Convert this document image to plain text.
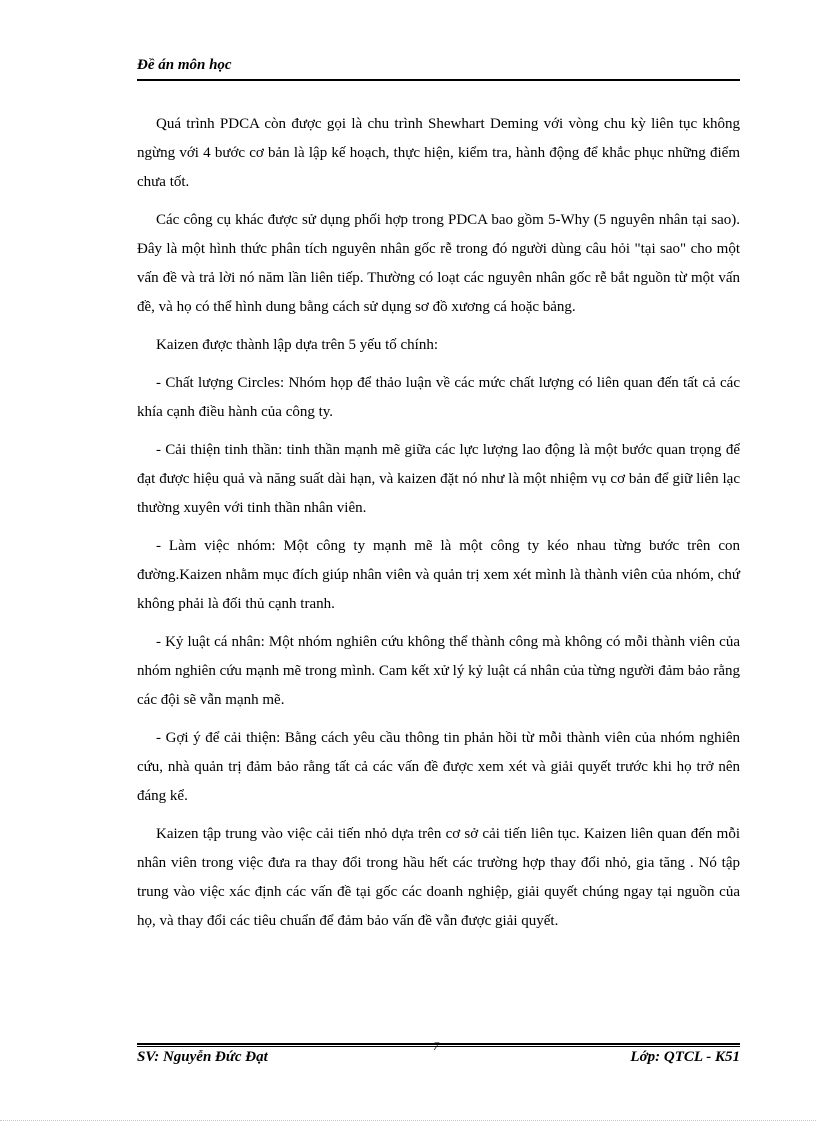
Đề án môn học

Quá trình PDCA còn được gọi là chu trình Shewhart Deming với vòng chu kỳ liên tục không ngừng với 4 bước cơ bản là lập kế hoạch, thực hiện, kiểm tra, hành động để khắc phục những điểm chưa tốt.

Các công cụ khác được sử dụng phối hợp trong PDCA bao gồm 5-Why (5 nguyên nhân tại sao). Đây là một hình thức phân tích nguyên nhân gốc rễ trong đó người dùng câu hỏi "tại sao" cho một vấn đề và trả lời nó năm lần liên tiếp. Thường có loạt các nguyên nhân gốc rễ bắt nguồn từ một vấn đề, và họ có thể hình dung bằng cách sử dụng sơ đồ xương cá hoặc bảng.

Kaizen được thành lập dựa trên 5 yếu tố chính:

- Chất lượng Circles: Nhóm họp để thảo luận về các mức chất lượng có liên quan đến tất cả các khía cạnh điều hành của công ty.

- Cải thiện tinh thần: tinh thần mạnh mẽ giữa các lực lượng lao động là một bước quan trọng để đạt được hiệu quả và năng suất dài hạn, và kaizen đặt nó như là một nhiệm vụ cơ bản để giữ liên lạc thường xuyên với tinh thần nhân viên.

- Làm việc nhóm: Một công ty mạnh mẽ là một công ty kéo nhau từng bước trên con đường.Kaizen nhằm mục đích giúp nhân viên và quản trị xem xét mình là thành viên của nhóm, chứ không phải là đối thủ cạnh tranh.

- Kỷ luật cá nhân: Một nhóm nghiên cứu không thể thành công mà không có mỗi thành viên của nhóm nghiên cứu mạnh mẽ trong mình. Cam kết xử lý kỷ luật cá nhân của từng người đảm bảo rằng các đội sẽ vẫn mạnh mẽ.

- Gợi ý để cải thiện: Bằng cách yêu cầu thông tin phản hồi từ mỗi thành viên của nhóm nghiên cứu, nhà quản trị đảm bảo rằng tất cả các vấn đề được xem xét và giải quyết trước khi họ trở nên đáng kể.

Kaizen tập trung vào việc cải tiến nhỏ dựa trên cơ sở cải tiến liên tục. Kaizen liên quan đến mỗi nhân viên trong việc đưa ra thay đổi trong hầu hết các trường hợp thay đổi nhỏ, gia tăng . Nó tập trung vào việc xác định các vấn đề tại gốc các doanh nghiệp, giải quyết chúng ngay tại nguồn của họ, và thay đổi các tiêu chuẩn để đảm bảo vấn đề vẫn được giải quyết.

7
SV: Nguyễn Đức Đạt	Lớp: QTCL - K51
